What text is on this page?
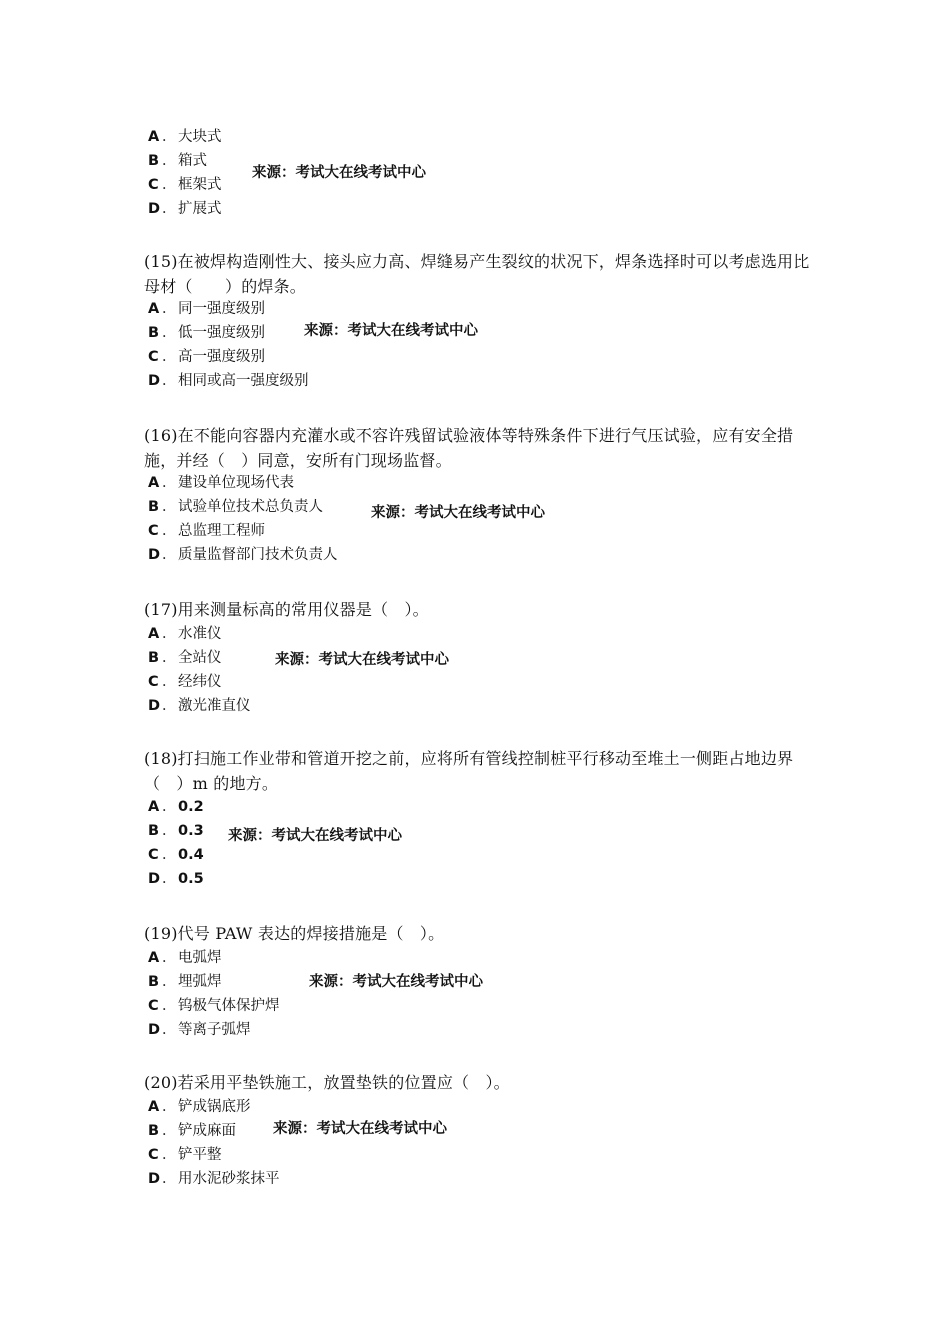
A ． 大块式
B ． 箱式
C ． 框架式
D ． 扩展式
来源：考试大在线考试中心
(15)在被焊构造刚性大、接头应力高、焊缝易产生裂纹的状况下，焊条选择时可以考虑选用比母材（　　）的焊条。
A ． 同一强度级别
B ． 低一强度级别
C ． 高一强度级别
D ． 相同或高一强度级别
来源：考试大在线考试中心
(16)在不能向容器内充灌水或不容许残留试验液体等特殊条件下进行气压试验，应有安全措施，并经（　）同意，安所有门现场监督。
A ． 建设单位现场代表
B ． 试验单位技术总负责人
C ． 总监理工程师
D ． 质量监督部门技术负责人
来源：考试大在线考试中心
(17)用来测量标高的常用仪器是（　）。
A ． 水准仪
B ． 全站仪
C ． 经纬仪
D ． 激光准直仪
来源：考试大在线考试中心
(18)打扫施工作业带和管道开挖之前，应将所有管线控制桩平行移动至堆土一侧距占地边界（　）m 的地方。
A ． 0.2
B ． 0.3
C ． 0.4
D ． 0.5
来源：考试大在线考试中心
(19)代号 PAW 表达的焊接措施是（　）。
A ． 电弧焊
B ． 埋弧焊
C ． 钨极气体保护焊
D ． 等离子弧焊
来源：考试大在线考试中心
(20)若采用平垫铁施工，放置垫铁的位置应（　）。
A ． 铲成锅底形
B ． 铲成麻面
C ． 铲平整
D ． 用水泥砂浆抹平
来源：考试大在线考试中心
